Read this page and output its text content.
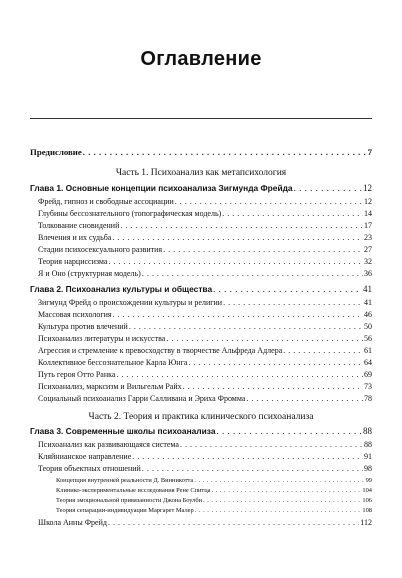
Оглавление
Предисловие . . .	7
Часть 1. Психоанализ как метапсихология
Глава 1. Основные концепции психоанализа Зигмунда Фрейда . . .	12
Фрейд, гипноз и свободные ассоциации . . .	12
Глубины бессознательного (топографическая модель) . . .	14
Толкование сновидений . . .	17
Влечения и их судьба . . .	23
Стадии психосексуального развития . . .	27
Теория нарциссизма . . .	32
Я и Оно (структурная модель) . . .	36
Глава 2. Психоанализ культуры и общества . . .	41
Зигмунд Фрейд о происхождении культуры и религии . . .	41
Массовая психология . . .	46
Культура против влечений . . .	50
Психоанализ литературы и искусства . . .	56
Агрессия и стремление к превосходству в творчестве Альфреда Адлера . . .	61
Коллективное бессознательное Карла Юнга . . .	64
Путь героя Отто Ранка . . .	69
Психоанализ, марксизм и Вильгельм Райх . . .	73
Социальный психоанализ Гарри Салливана и Эриха Фромма . . .	78
Часть 2. Теория и практика клинического психоанализа
Глава 3. Современные школы психоанализа . . .	88
Психоанализ как развивающаяся система . . .	88
Кляйнианское направление . . .	91
Теория объектных отношений . . .	98
Концепция внутренней реальности Д. Винникотта . . .	99
Клинико-экспериментальные исследования Рене Спитца . . .	104
Теория эмоциональной привязанности Джона Боулби . . .	106
Теория сепарации-индивидуации Маргарет Малер . . .	108
Школа Анны Фрейд . . .	112
